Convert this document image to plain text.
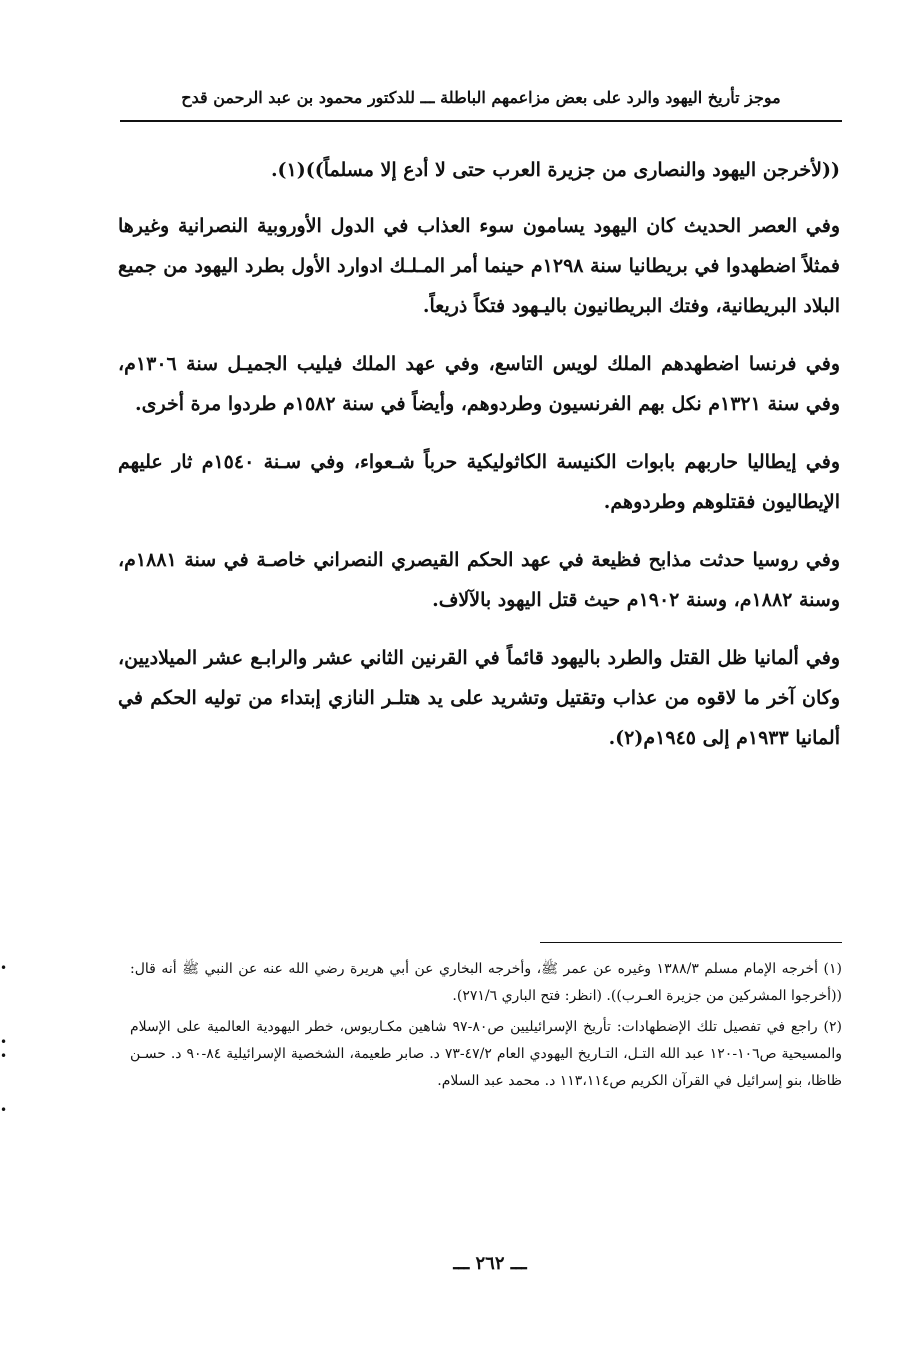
موجز تأريخ اليهود والرد على بعض مزاعمهم الباطلة ـــ للدكتور محمود بن عبد الرحمن قدح

((لأخرجن اليهود والنصارى من جزيرة العرب حتى لا أدع إلا مسلماً))(١).

وفي العصر الحديث كان اليهود يسامون سوء العذاب في الدول الأوروبية النصرانية وغيرها فمثلاً اضطهدوا في بريطانيا سنة ١٢٩٨م حينما أمر المـلـك ادوارد الأول بطرد اليهود من جميع البلاد البريطانية، وفتك البريطانيون باليـهود فتكاً ذريعاً.

وفي فرنسا اضطهدهم الملك لويس التاسع، وفي عهد الملك فيليب الجميـل سنة ١٣٠٦م، وفي سنة ١٣٢١م نكل بهم الفرنسيون وطردوهم، وأيضاً في سنة ١٥٨٢م طردوا مرة أخرى.

وفي إيطاليا حاربهم بابوات الكنيسة الكاثوليكية حرباً شـعواء، وفي سـنة ١٥٤٠م ثار عليهم الإيطاليون فقتلوهم وطردوهم.

وفي روسيا حدثت مذابح فظيعة في عهد الحكم القيصري النصراني خاصـة في سنة ١٨٨١م، وسنة ١٨٨٢م، وسنة ١٩٠٢م حيث قتل اليهود بالآلاف.

وفي ألمانيا ظل القتل والطرد باليهود قائماً في القرنين الثاني عشر والرابـع عشر الميلاديين، وكان آخر ما لاقوه من عذاب وتقتيل وتشريد على يد هتلـر النازي إبتداء من توليه الحكم في ألمانيا ١٩٣٣م إلى ١٩٤٥م(٢).

(١) أخرجه الإمام مسلم ١٣٨٨/٣ وغيره عن عمر ﷺ، وأخرجه البخاري عن أبي هريرة رضي الله عنه عن النبي ﷺ أنه قال: ((أخرجوا المشركين من جزيرة العـرب)). (انظر: فتح الباري ٢٧١/٦).

(٢) راجع في تفصيل تلك الإضطهادات: تأريخ الإسرائيليين ص٨٠-٩٧ شاهين مكـاريوس، خطر اليهودية العالمية على الإسلام والمسيحية ص١٠٦-١٢٠ عبد الله التـل، التـاريخ اليهودي العام ٤٧/٢-٧٣ د. صابر طعيمة، الشخصية الإسرائيلية ٨٤-٩٠ د. حسـن ظاظا، بنو إسرائيل في القرآن الكريم ص١١٣،١١٤ د. محمد عبد السلام.

ـــ ٢٦٢ ـــ
•
•
•
•
